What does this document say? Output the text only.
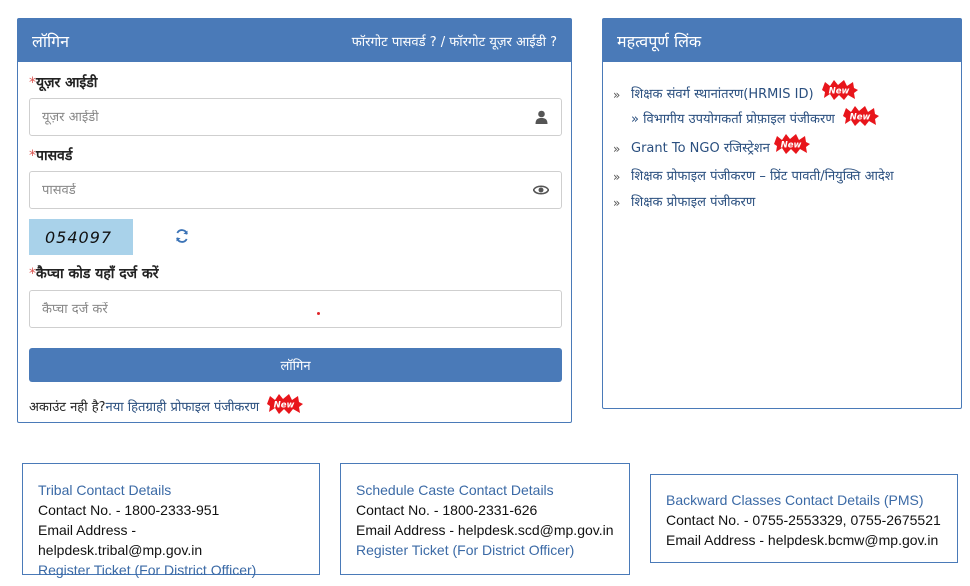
लॉगिन	फॉरगोट पासवर्ड ? / फॉरगोट यूज़र आईडी ?
*यूज़र आईडी
यूज़र आईडी
*पासवर्ड
054097
*कैप्चा कोड यहाँ दर्ज करें
कैप्चा दर्ज करें
लॉगिन
अकाउंट नही है? नया हितग्राही प्रोफाइल पंजीकरण New
महत्वपूर्ण लिंक
» शिक्षक संवर्ग स्थानांतरण(HRMIS ID) New
» विभागीय उपयोगकर्ता प्रोफ़ाइल पंजीकरण New
» Grant To NGO रजिस्ट्रेशन New
» शिक्षक प्रोफाइल पंजीकरण – प्रिंट पावती/नियुक्ति आदेश
» शिक्षक प्रोफाइल पंजीकरण
Tribal Contact Details
Contact No. - 1800-2333-951
Email Address - helpdesk.tribal@mp.gov.in
Register Ticket (For District Officer)
Schedule Caste Contact Details
Contact No. - 1800-2331-626
Email Address - helpdesk.scd@mp.gov.in
Register Ticket (For District Officer)
Backward Classes Contact Details (PMS)
Contact No. - 0755-2553329, 0755-2675521
Email Address - helpdesk.bcmw@mp.gov.in
